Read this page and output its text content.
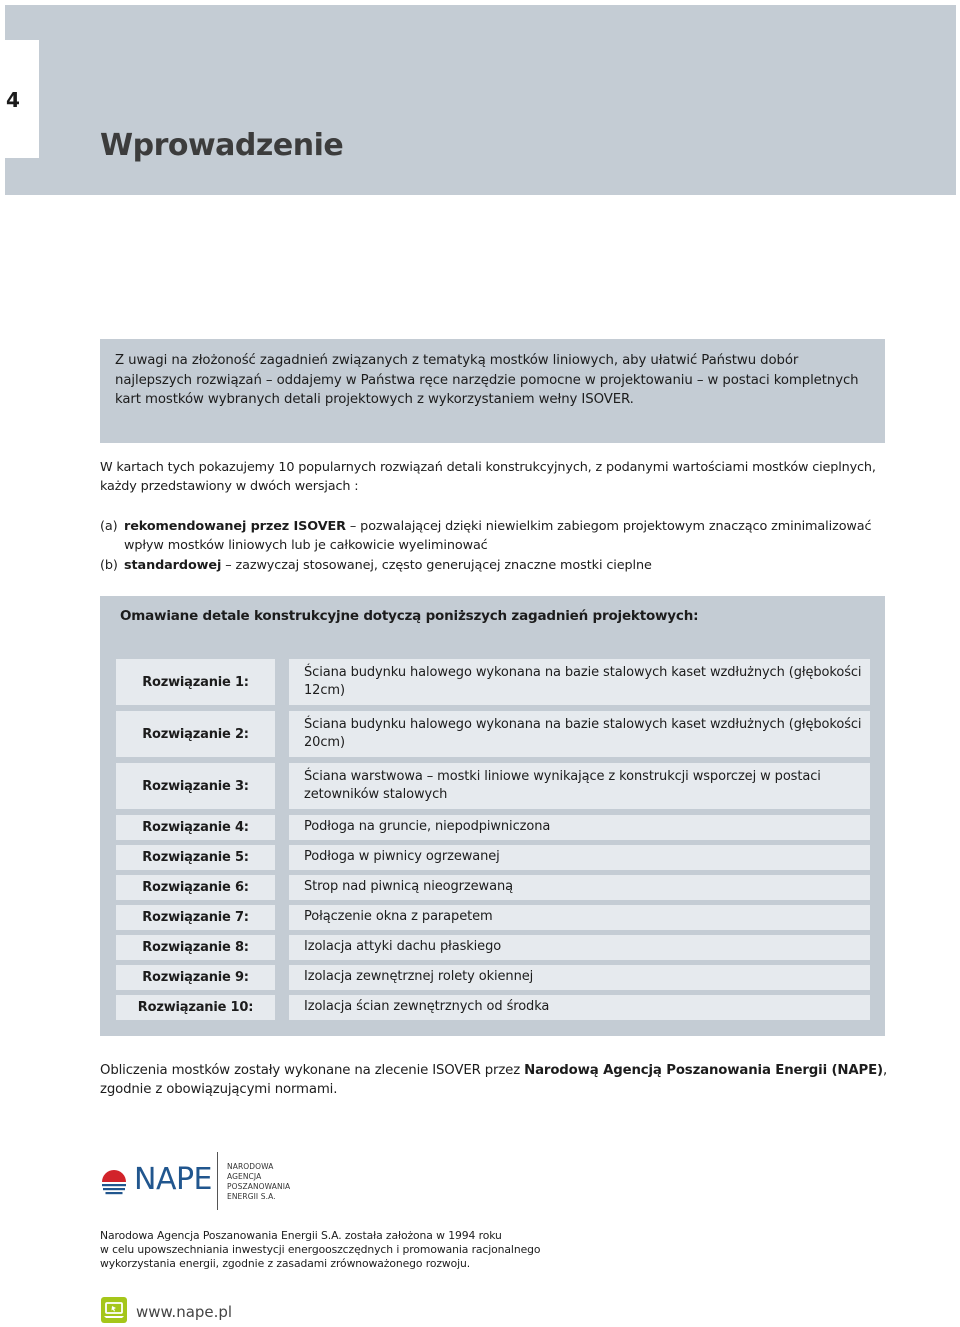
4
Wprowadzenie

Z uwagi na złożoność zagadnień związanych z tematyką mostków liniowych, aby ułatwić Państwu dobór najlepszych rozwiązań – oddajemy w Państwa ręce narzędzie pomocne w projektowaniu – w postaci kompletnych kart mostków wybranych detali projektowych z wykorzystaniem wełny ISOVER.

W kartach tych pokazujemy 10 popularnych rozwiązań detali konstrukcyjnych, z podanymi wartościami mostków cieplnych, każdy przedstawiony w dwóch wersjach :

(a) rekomendowanej przez ISOVER – pozwalającej dzięki niewielkim zabiegom projektowym znacząco zminimalizować wpływ mostków liniowych lub je całkowicie wyeliminować
(b) standardowej – zazwyczaj stosowanej, często generującej znaczne mostki cieplne
Omawiane detale konstrukcyjne dotyczą poniższych zagadnień projektowych:
Rozwiązanie 1:
Ściana budynku halowego wykonana na bazie stalowych kaset wzdłużnych (głębokości 12cm)
Rozwiązanie 2:
Ściana budynku halowego wykonana na bazie stalowych kaset wzdłużnych (głębokości 20cm)
Rozwiązanie 3:
Ściana warstwowa – mostki liniowe wynikające z konstrukcji wsporczej w postaci zetowników stalowych
Rozwiązanie 4:	Podłoga na gruncie, niepodpiwniczona
Rozwiązanie 5:	Podłoga w piwnicy ogrzewanej
Rozwiązanie 6:	Strop nad piwnicą nieogrzewaną
Rozwiązanie 7:	Połączenie okna z parapetem
Rozwiązanie 8:	Izolacja attyki dachu płaskiego
Rozwiązanie 9:	Izolacja zewnętrznej rolety okiennej
Rozwiązanie 10:	Izolacja ścian zewnętrznych od środka

Obliczenia mostków zostały wykonane na zlecenie ISOVER przez Narodową Agencją Poszanowania Energii (NAPE), zgodnie z obowiązującymi normami.

NAPE NARODOWA
AGENCJA
POSZANOWANIA
ENERGII S.A.
Narodowa Agencja Poszanowania Energii S.A. została założona w 1994 roku
w celu upowszechniania inwestycji energooszczędnych i promowania racjonalnego
wykorzystania energii, zgodnie z zasadami zrównoważonego rozwoju.
www.nape.pl
